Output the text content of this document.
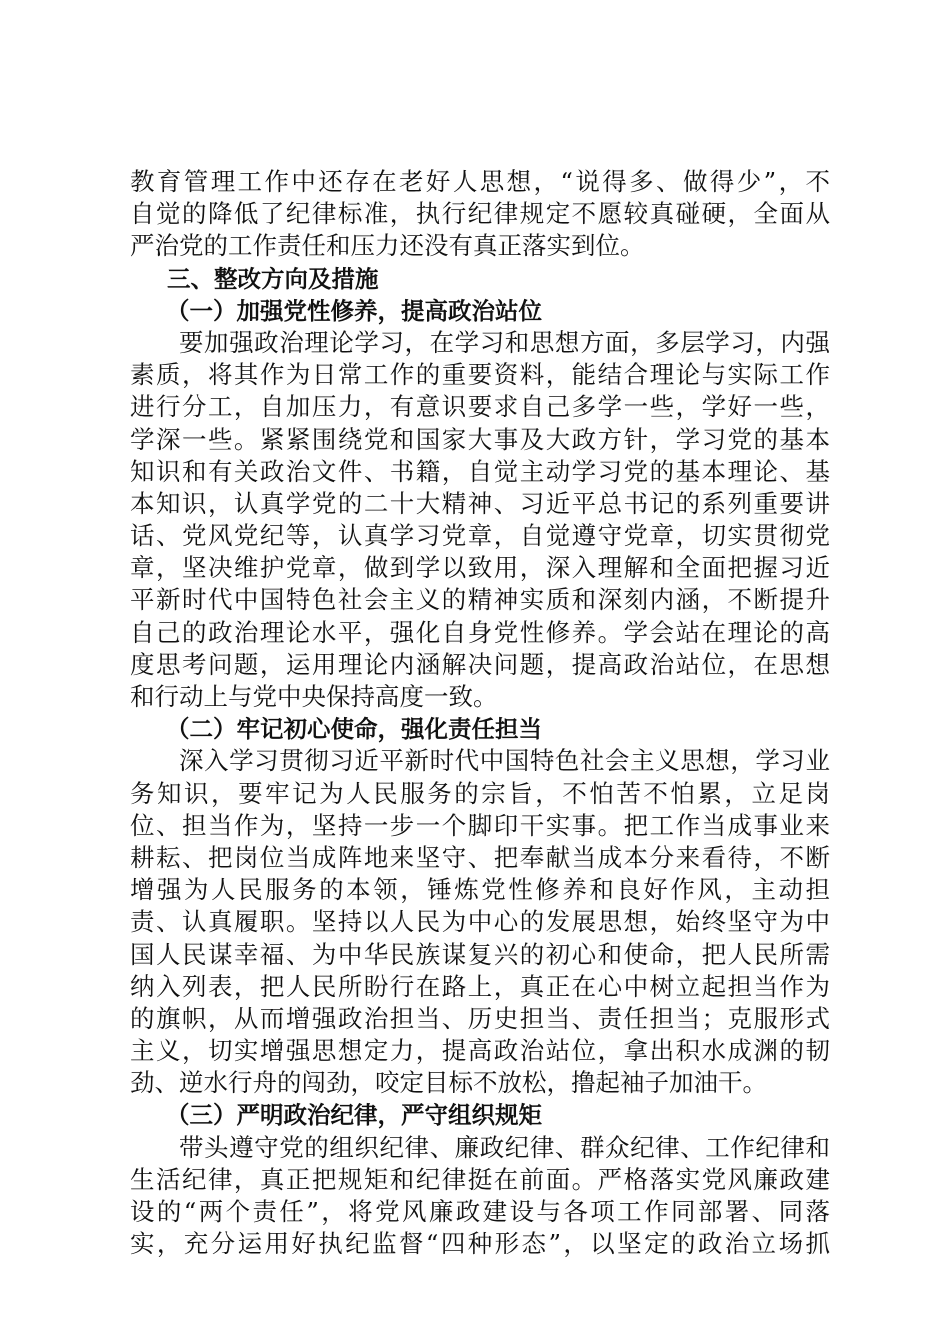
教育管理工作中还存在老好人思想，“说得多、做得少”，不
自觉的降低了纪律标准，执行纪律规定不愿较真碰硬，全面从
严治党的工作责任和压力还没有真正落实到位。
三、整改方向及措施
（一）加强党性修养，提高政治站位
要加强政治理论学习，在学习和思想方面，多层学习，内强
素质，将其作为日常工作的重要资料，能结合理论与实际工作
进行分工，自加压力，有意识要求自己多学一些，学好一些，
学深一些。紧紧围绕党和国家大事及大政方针，学习党的基本
知识和有关政治文件、书籍，自觉主动学习党的基本理论、基
本知识，认真学党的二十大精神、习近平总书记的系列重要讲
话、党风党纪等，认真学习党章，自觉遵守党章，切实贯彻党
章，坚决维护党章，做到学以致用，深入理解和全面把握习近
平新时代中国特色社会主义的精神实质和深刻内涵，不断提升
自己的政治理论水平，强化自身党性修养。学会站在理论的高
度思考问题，运用理论内涵解决问题，提高政治站位，在思想
和行动上与党中央保持高度一致。
（二）牢记初心使命，强化责任担当
深入学习贯彻习近平新时代中国特色社会主义思想，学习业
务知识，要牢记为人民服务的宗旨，不怕苦不怕累，立足岗
位、担当作为，坚持一步一个脚印干实事。把工作当成事业来
耕耘、把岗位当成阵地来坚守、把奉献当成本分来看待，不断
增强为人民服务的本领，锤炼党性修养和良好作风，主动担
责、认真履职。坚持以人民为中心的发展思想，始终坚守为中
国人民谋幸福、为中华民族谋复兴的初心和使命，把人民所需
纳入列表，把人民所盼行在路上，真正在心中树立起担当作为
的旗帜，从而增强政治担当、历史担当、责任担当；克服形式
主义，切实增强思想定力，提高政治站位，拿出积水成渊的韧
劲、逆水行舟的闯劲，咬定目标不放松，撸起袖子加油干。
（三）严明政治纪律，严守组织规矩
带头遵守党的组织纪律、廉政纪律、群众纪律、工作纪律和
生活纪律，真正把规矩和纪律挺在前面。严格落实党风廉政建
设的“两个责任”，将党风廉政建设与各项工作同部署、同落
实，充分运用好执纪监督“四种形态”，以坚定的政治立场抓
